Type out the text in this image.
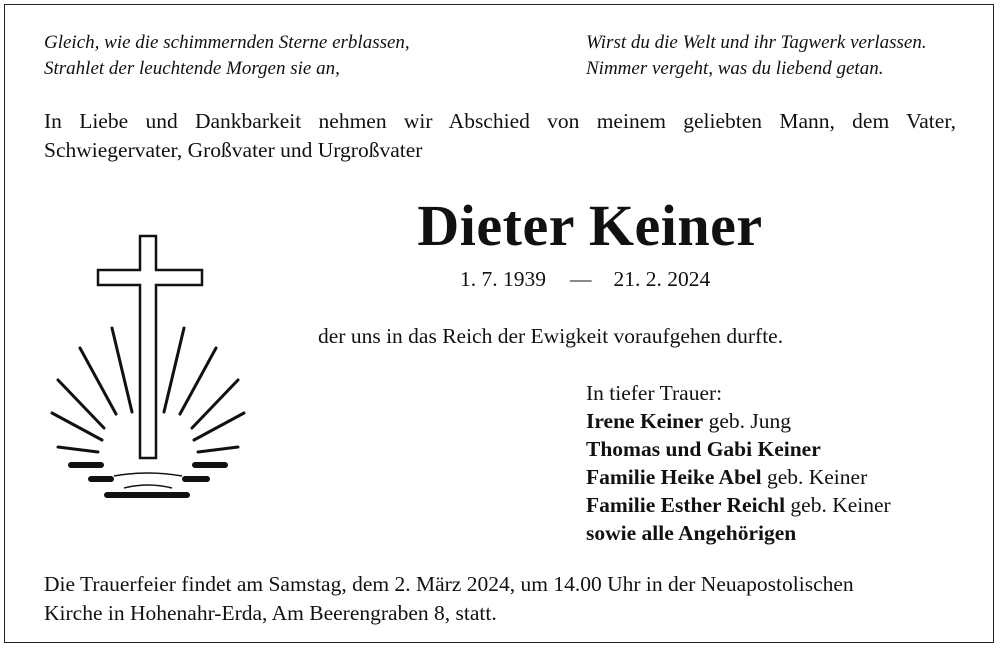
Gleich, wie die schimmernden Sterne erblassen,
Strahlet der leuchtende Morgen sie an,
Wirst du die Welt und ihr Tagwerk verlassen.
Nimmer vergeht, was du liebend getan.
In Liebe und Dankbarkeit nehmen wir Abschied von meinem geliebten Mann, dem Vater, Schwiegervater, Großvater und Urgroßvater
Dieter Keiner
1. 7. 1939 — 21. 2. 2024
der uns in das Reich der Ewigkeit voraufgehen durfte.
In tiefer Trauer:
Irene Keiner geb. Jung
Thomas und Gabi Keiner
Familie Heike Abel geb. Keiner
Familie Esther Reichl geb. Keiner
sowie alle Angehörigen
Die Trauerfeier findet am Samstag, dem 2. März 2024, um 14.00 Uhr in der Neuapostolischen
Kirche in Hohenahr-Erda, Am Beerengraben 8, statt.
